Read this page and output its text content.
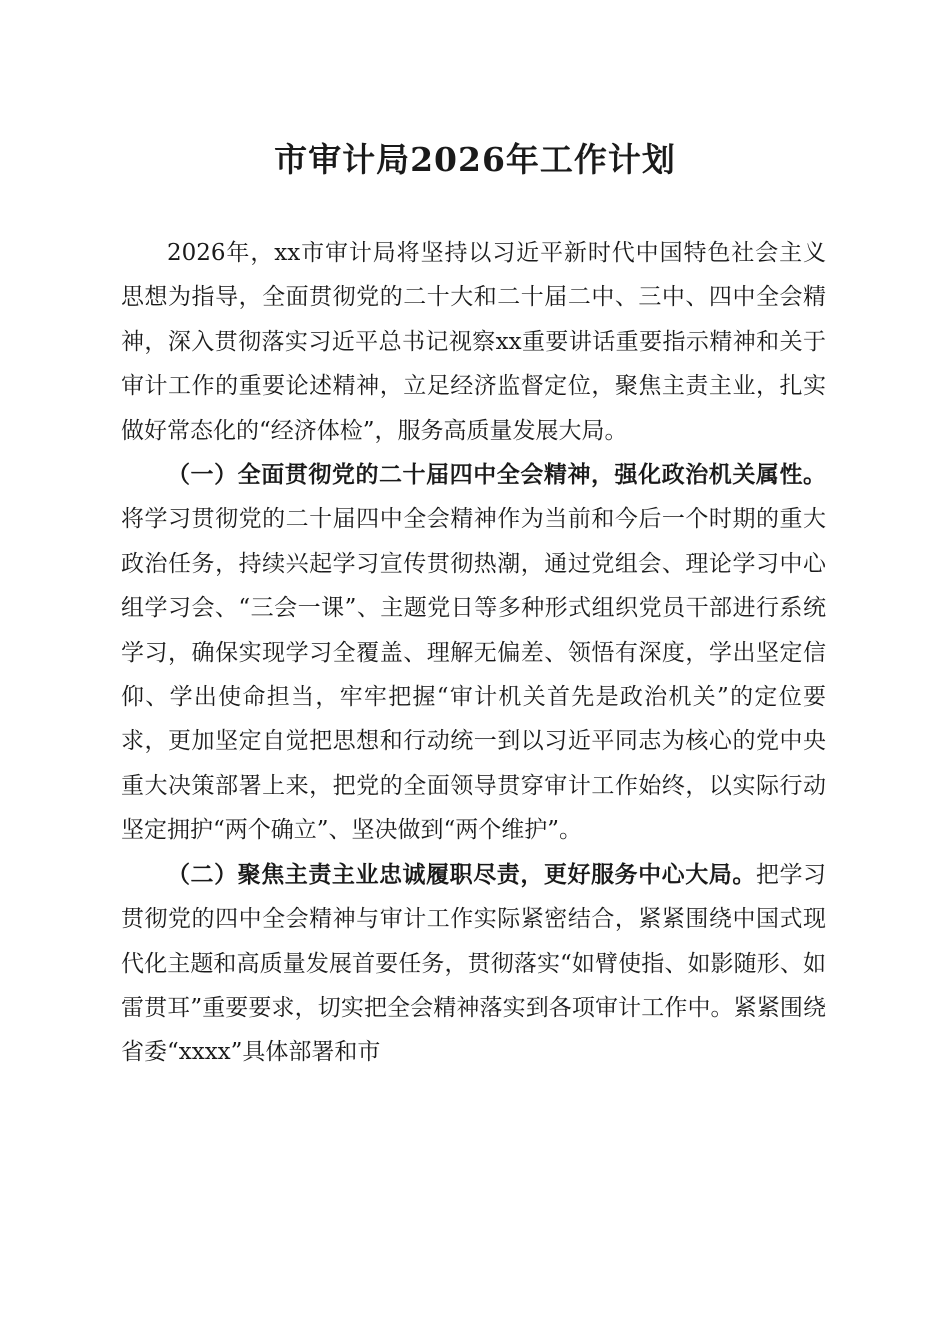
市审计局2026年工作计划

2026年，xx市审计局将坚持以习近平新时代中国特色社会主义思想为指导，全面贯彻党的二十大和二十届二中、三中、四中全会精神，深入贯彻落实习近平总书记视察xx重要讲话重要指示精神和关于审计工作的重要论述精神，立足经济监督定位，聚焦主责主业，扎实做好常态化的“经济体检”，服务高质量发展大局。

（一）全面贯彻党的二十届四中全会精神，强化政治机关属性。将学习贯彻党的二十届四中全会精神作为当前和今后一个时期的重大政治任务，持续兴起学习宣传贯彻热潮，通过党组会、理论学习中心组学习会、“三会一课”、主题党日等多种形式组织党员干部进行系统学习，确保实现学习全覆盖、理解无偏差、领悟有深度，学出坚定信仰、学出使命担当，牢牢把握“审计机关首先是政治机关”的定位要求，更加坚定自觉把思想和行动统一到以习近平同志为核心的党中央重大决策部署上来，把党的全面领导贯穿审计工作始终，以实际行动坚定拥护“两个确立”、坚决做到“两个维护”。

（二）聚焦主责主业忠诚履职尽责，更好服务中心大局。把学习贯彻党的四中全会精神与审计工作实际紧密结合，紧紧围绕中国式现代化主题和高质量发展首要任务，贯彻落实“如臂使指、如影随形、如雷贯耳”重要要求，切实把全会精神落实到各项审计工作中。紧紧围绕省委“xxxx”具体部署和市
